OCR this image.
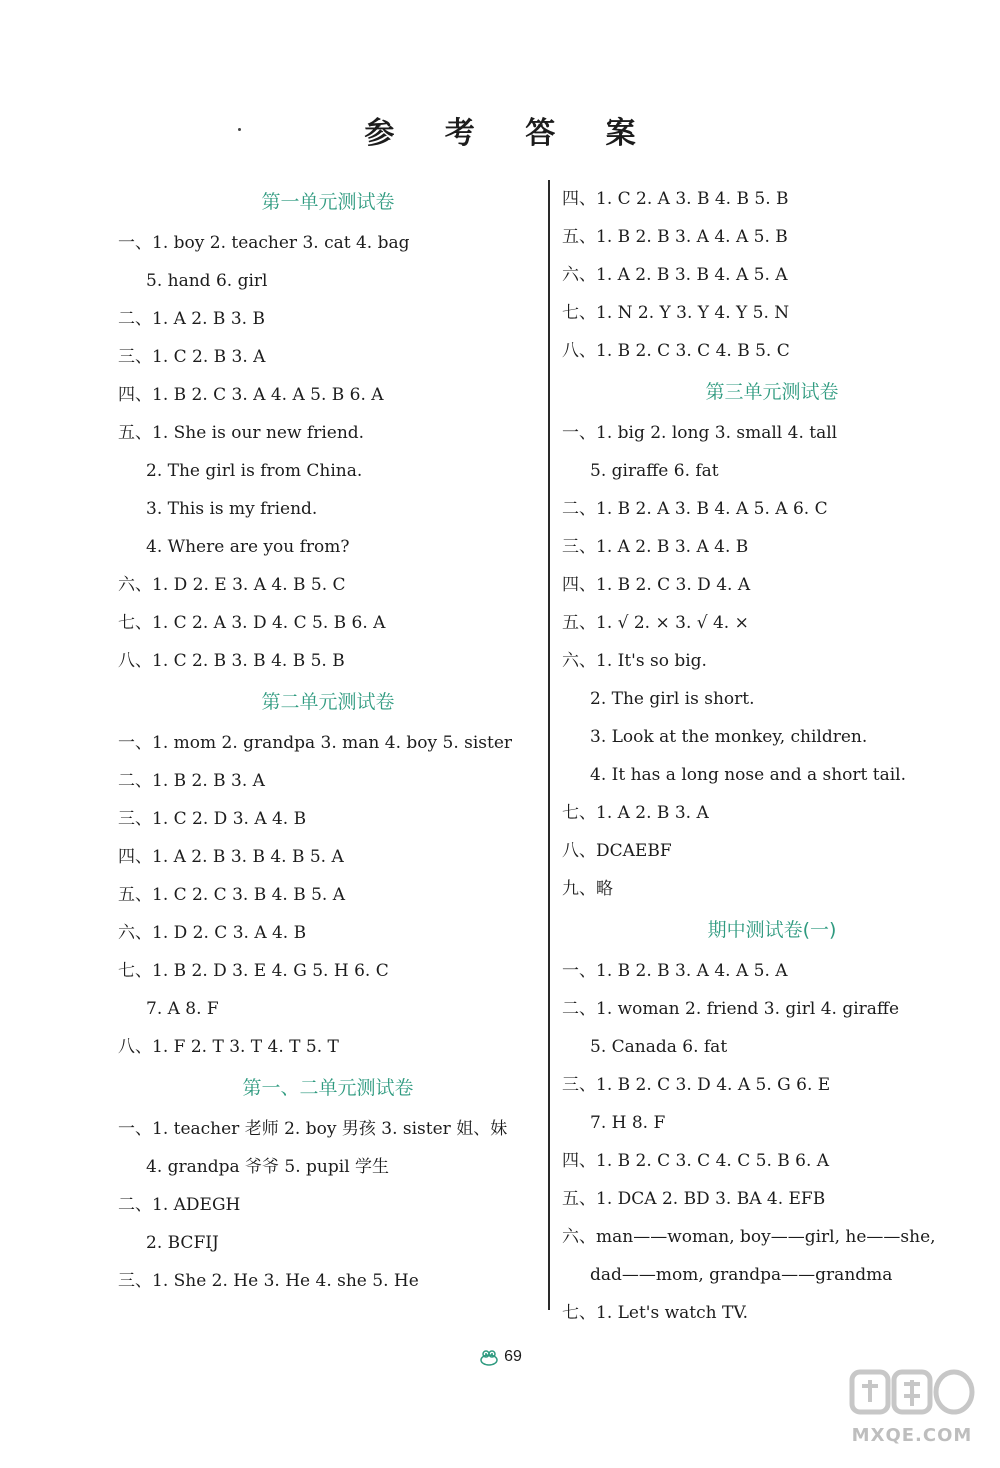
参 考 答 案
第一单元测试卷
一、1. boy 2. teacher 3. cat 4. bag
5. hand 6. girl
二、1. A 2. B 3. B
三、1. C 2. B 3. A
四、1. B 2. C 3. A 4. A 5. B 6. A
五、1. She is our new friend.
2. The girl is from China.
3. This is my friend.
4. Where are you from?
六、1. D 2. E 3. A 4. B 5. C
七、1. C 2. A 3. D 4. C 5. B 6. A
八、1. C 2. B 3. B 4. B 5. B
第二单元测试卷
一、1. mom 2. grandpa 3. man 4. boy 5. sister
二、1. B 2. B 3. A
三、1. C 2. D 3. A 4. B
四、1. A 2. B 3. B 4. B 5. A
五、1. C 2. C 3. B 4. B 5. A
六、1. D 2. C 3. A 4. B
七、1. B 2. D 3. E 4. G 5. H 6. C
7. A 8. F
八、1. F 2. T 3. T 4. T 5. T
第一、二单元测试卷
一、1. teacher 老师 2. boy 男孩 3. sister 姐、妹
4. grandpa 爷爷 5. pupil 学生
二、1. ADEGH
2. BCFIJ
三、1. She 2. He 3. He 4. she 5. He
四、1. C 2. A 3. B 4. B 5. B
五、1. B 2. B 3. A 4. A 5. B
六、1. A 2. B 3. B 4. A 5. A
七、1. N 2. Y 3. Y 4. Y 5. N
八、1. B 2. C 3. C 4. B 5. C
第三单元测试卷
一、1. big 2. long 3. small 4. tall
5. giraffe 6. fat
二、1. B 2. A 3. B 4. A 5. A 6. C
三、1. A 2. B 3. A 4. B
四、1. B 2. C 3. D 4. A
五、1. √ 2. × 3. √ 4. ×
六、1. It's so big.
2. The girl is short.
3. Look at the monkey, children.
4. It has a long nose and a short tail.
七、1. A 2. B 3. A
八、DCAEBF
九、略
期中测试卷(一)
一、1. B 2. B 3. A 4. A 5. A
二、1. woman 2. friend 3. girl 4. giraffe
5. Canada 6. fat
三、1. B 2. C 3. D 4. A 5. G 6. E
7. H 8. F
四、1. B 2. C 3. C 4. C 5. B 6. A
五、1. DCA 2. BD 3. BA 4. EFB
六、man——woman, boy——girl, he——she,
dad——mom, grandpa——grandma
七、1. Let's watch TV.
69
MXQE.COM
